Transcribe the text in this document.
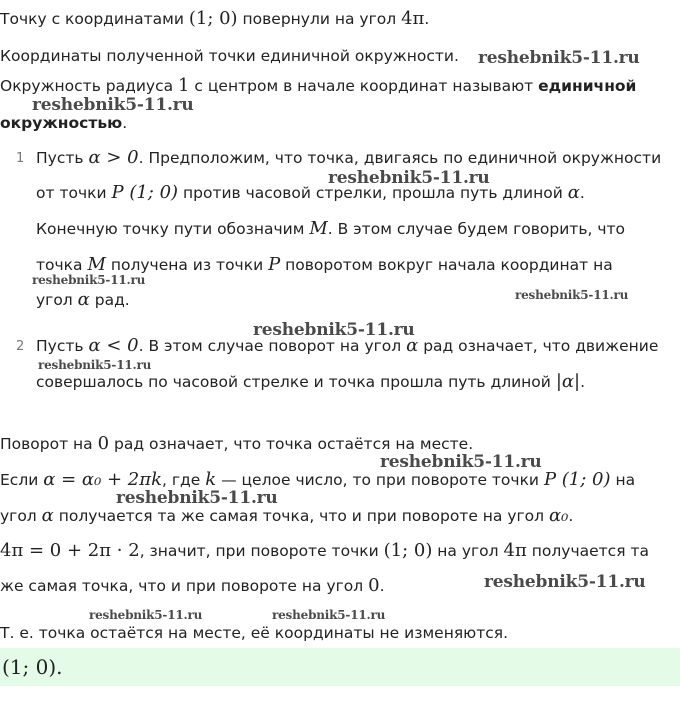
Точку с координатами (1; 0) повернули на угол 4π.
Координаты полученной точки единичной окружности.
Окружность радиуса 1 с центром в начале координат называют единичной
окружностью.
1 Пусть α > 0. Предположим, что точка, двигаясь по единичной окружности
от точки P (1; 0) против часовой стрелки, прошла путь длиной α.
Конечную точку пути обозначим M. В этом случае будем говорить, что
точка M получена из точки P поворотом вокруг начала координат на
угол α рад.
2 Пусть α < 0. В этом случае поворот на угол α рад означает, что движение
совершалось по часовой стрелке и точка прошла путь длиной |α|.
Поворот на 0 рад означает, что точка остаётся на месте.
Если α = α₀ + 2πk, где k — целое число, то при повороте точки P (1; 0) на
угол α получается та же самая точка, что и при повороте на угол α₀.
4π = 0 + 2π · 2, значит, при повороте точки (1; 0) на угол 4π получается та
же самая точка, что и при повороте на угол 0.
Т. е. точка остаётся на месте, её координаты не изменяются.
(1; 0).
reshebnik5-11.ru
reshebnik5-11.ru
reshebnik5-11.ru
reshebnik5-11.ru
reshebnik5-11.ru
reshebnik5-11.ru
reshebnik5-11.ru
reshebnik5-11.ru
reshebnik5-11.ru
reshebnik5-11.ru
reshebnik5-11.ru	reshebnik5-11.ru
